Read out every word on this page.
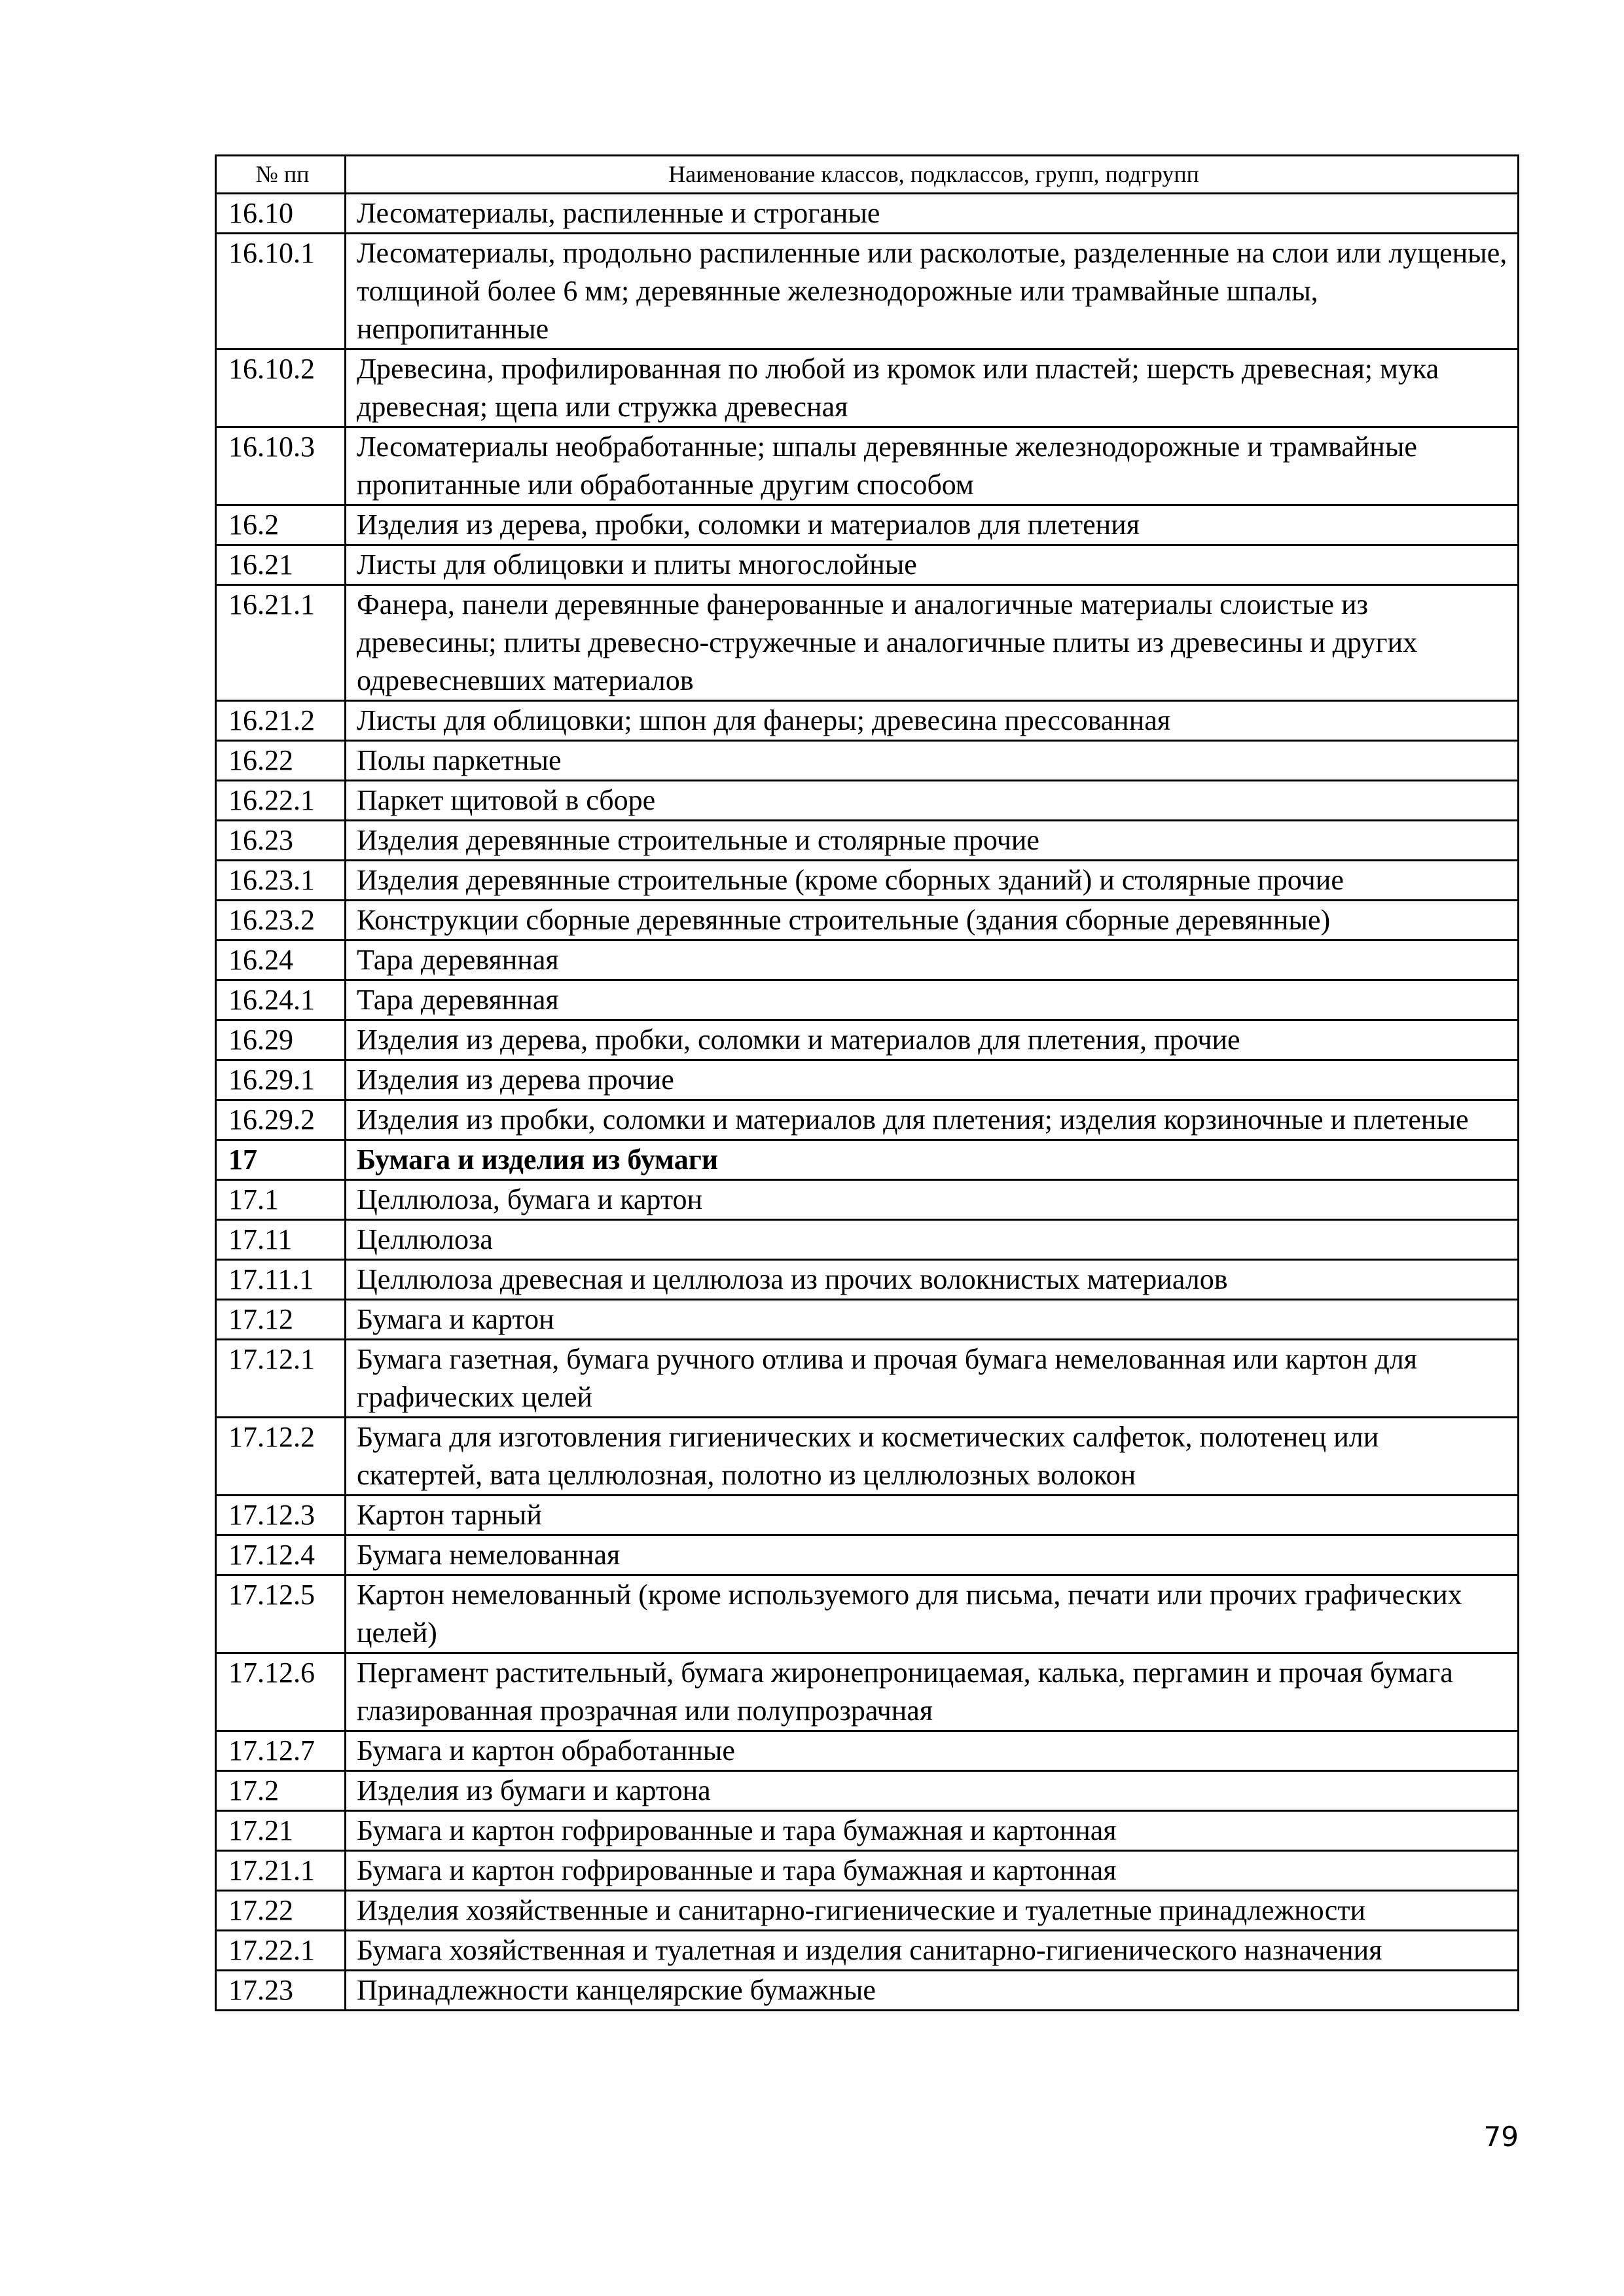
№ пп	Наименование классов, подклассов, групп, подгрупп
16.10	Лесоматериалы, распиленные и строганые
16.10.1	Лесоматериалы, продольно распиленные или расколотые, разделенные на слои или лущеные, толщиной более 6 мм; деревянные железнодорожные или трамвайные шпалы, непропитанные
16.10.2	Древесина, профилированная по любой из кромок или пластей; шерсть древесная; мука древесная; щепа или стружка древесная
16.10.3	Лесоматериалы необработанные; шпалы деревянные железнодорожные и трамвайные пропитанные или обработанные другим способом
16.2	Изделия из дерева, пробки, соломки и материалов для плетения
16.21	Листы для облицовки и плиты многослойные
16.21.1	Фанера, панели деревянные фанерованные и аналогичные материалы слоистые из древесины; плиты древесно-стружечные и аналогичные плиты из древесины и других одревесневших материалов
16.21.2	Листы для облицовки; шпон для фанеры; древесина прессованная
16.22	Полы паркетные
16.22.1	Паркет щитовой в сборе
16.23	Изделия деревянные строительные и столярные прочие
16.23.1	Изделия деревянные строительные (кроме сборных зданий) и столярные прочие
16.23.2	Конструкции сборные деревянные строительные (здания сборные деревянные)
16.24	Тара деревянная
16.24.1	Тара деревянная
16.29	Изделия из дерева, пробки, соломки и материалов для плетения, прочие
16.29.1	Изделия из дерева прочие
16.29.2	Изделия из пробки, соломки и материалов для плетения; изделия корзиночные и плетеные
17	Бумага и изделия из бумаги
17.1	Целлюлоза, бумага и картон
17.11	Целлюлоза
17.11.1	Целлюлоза древесная и целлюлоза из прочих волокнистых материалов
17.12	Бумага и картон
17.12.1	Бумага газетная, бумага ручного отлива и прочая бумага немелованная или картон для графических целей
17.12.2	Бумага для изготовления гигиенических и косметических салфеток, полотенец или скатертей, вата целлюлозная, полотно из целлюлозных волокон
17.12.3	Картон тарный
17.12.4	Бумага немелованная
17.12.5	Картон немелованный (кроме используемого для письма, печати или прочих графических целей)
17.12.6	Пергамент растительный, бумага жиронепроницаемая, калька, пергамин и прочая бумага глазированная прозрачная или полупрозрачная
17.12.7	Бумага и картон обработанные
17.2	Изделия из бумаги и картона
17.21	Бумага и картон гофрированные и тара бумажная и картонная
17.21.1	Бумага и картон гофрированные и тара бумажная и картонная
17.22	Изделия хозяйственные и санитарно-гигиенические и туалетные принадлежности
17.22.1	Бумага хозяйственная и туалетная и изделия санитарно-гигиенического назначения
17.23	Принадлежности канцелярские бумажные
79
